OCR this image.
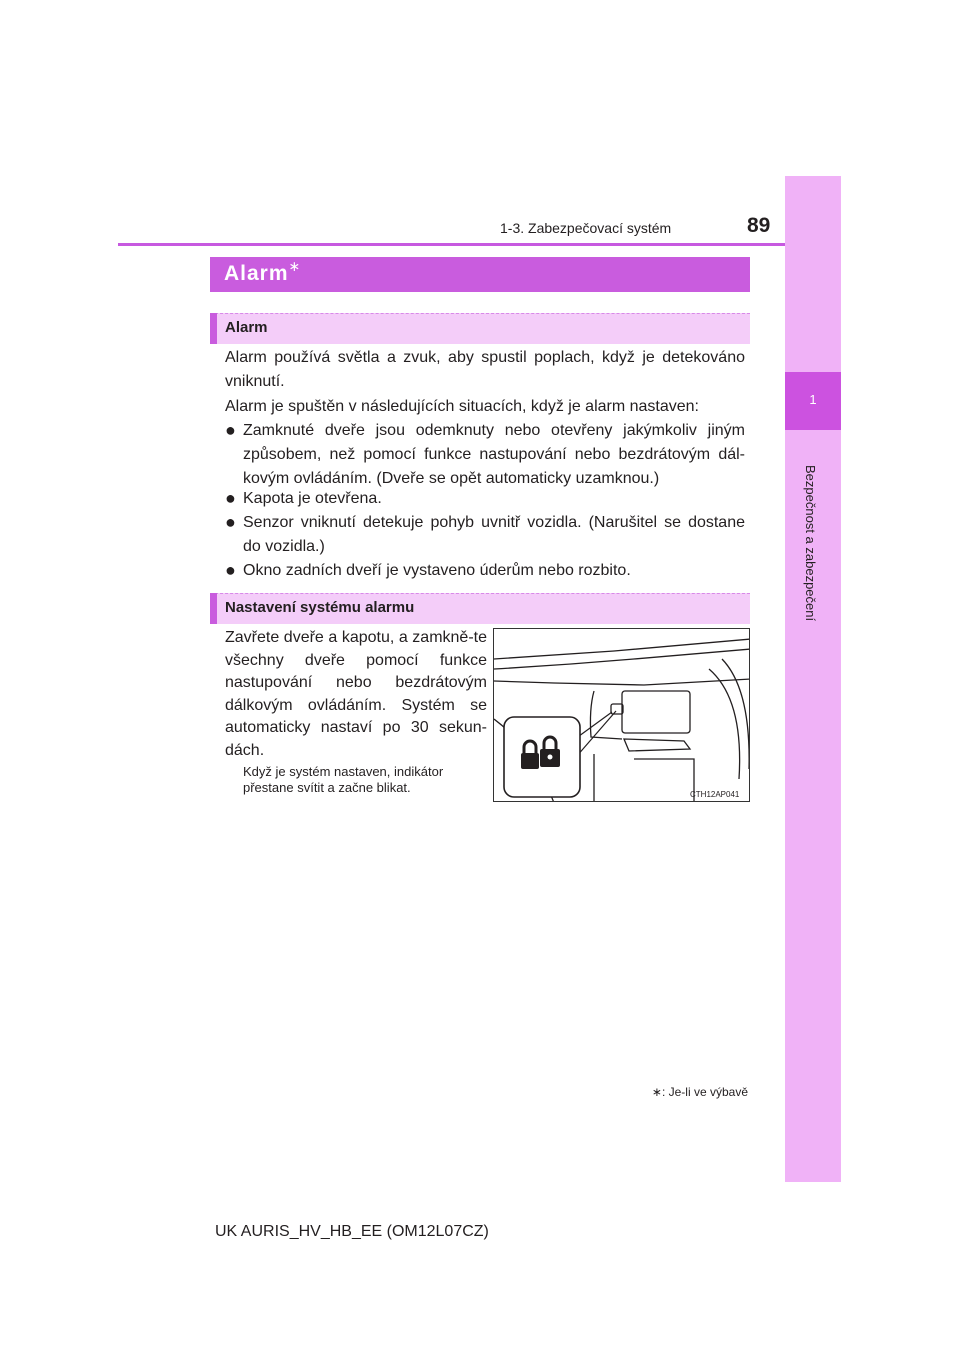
1-3. Zabezpečovací systém	89
1
Bezpečnost a zabezpečení
Alarm∗
Alarm
Alarm používá světla a zvuk, aby spustil poplach, když je detekováno vniknutí.
Alarm je spuštěn v následujících situacích, když je alarm nastaven:
● Zamknuté dveře jsou odemknuty nebo otevřeny jakýmkoliv jiným způsobem, než pomocí funkce nastupování nebo bezdrátovým dál-kovým ovládáním. (Dveře se opět automaticky uzamknou.)
● Kapota je otevřena.
● Senzor vniknutí detekuje pohyb uvnitř vozidla. (Narušitel se dostane do vozidla.)
● Okno zadních dveří je vystaveno úderům nebo rozbito.
Nastavení systému alarmu
Zavřete dveře a kapotu, a zamkně-te všechny dveře pomocí funkce nastupování nebo bezdrátovým dálkovým ovládáním. Systém se automaticky nastaví po 30 sekun-dách.
Když je systém nastaven, indikátor přestane svítit a začne blikat.	CTH12AP041
∗: Je-li ve výbavě
UK AURIS_HV_HB_EE (OM12L07CZ)
